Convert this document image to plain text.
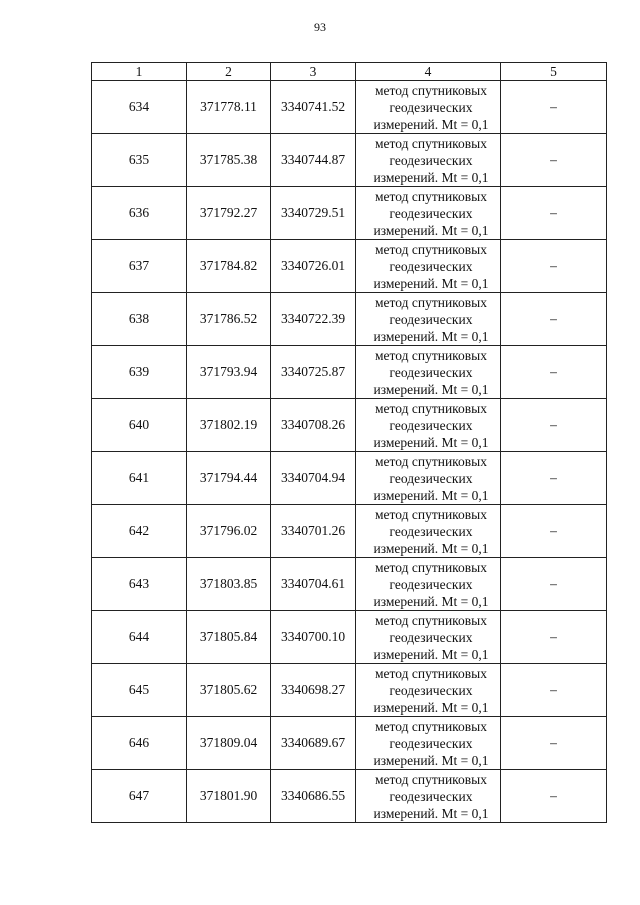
93
1	2	3	4	5
634	371778.11	3340741.52	метод спутниковых
геодезических
измерений. Mt = 0,1	–
635	371785.38	3340744.87	метод спутниковых
геодезических
измерений. Mt = 0,1	–
636	371792.27	3340729.51	метод спутниковых
геодезических
измерений. Mt = 0,1	–
637	371784.82	3340726.01	метод спутниковых
геодезических
измерений. Mt = 0,1	–
638	371786.52	3340722.39	метод спутниковых
геодезических
измерений. Mt = 0,1	–
639	371793.94	3340725.87	метод спутниковых
геодезических
измерений. Mt = 0,1	–
640	371802.19	3340708.26	метод спутниковых
геодезических
измерений. Mt = 0,1	–
641	371794.44	3340704.94	метод спутниковых
геодезических
измерений. Mt = 0,1	–
642	371796.02	3340701.26	метод спутниковых
геодезических
измерений. Mt = 0,1	–
643	371803.85	3340704.61	метод спутниковых
геодезических
измерений. Mt = 0,1	–
644	371805.84	3340700.10	метод спутниковых
геодезических
измерений. Mt = 0,1	–
645	371805.62	3340698.27	метод спутниковых
геодезических
измерений. Mt = 0,1	–
646	371809.04	3340689.67	метод спутниковых
геодезических
измерений. Mt = 0,1	–
647	371801.90	3340686.55	метод спутниковых
геодезических
измерений. Mt = 0,1	–
